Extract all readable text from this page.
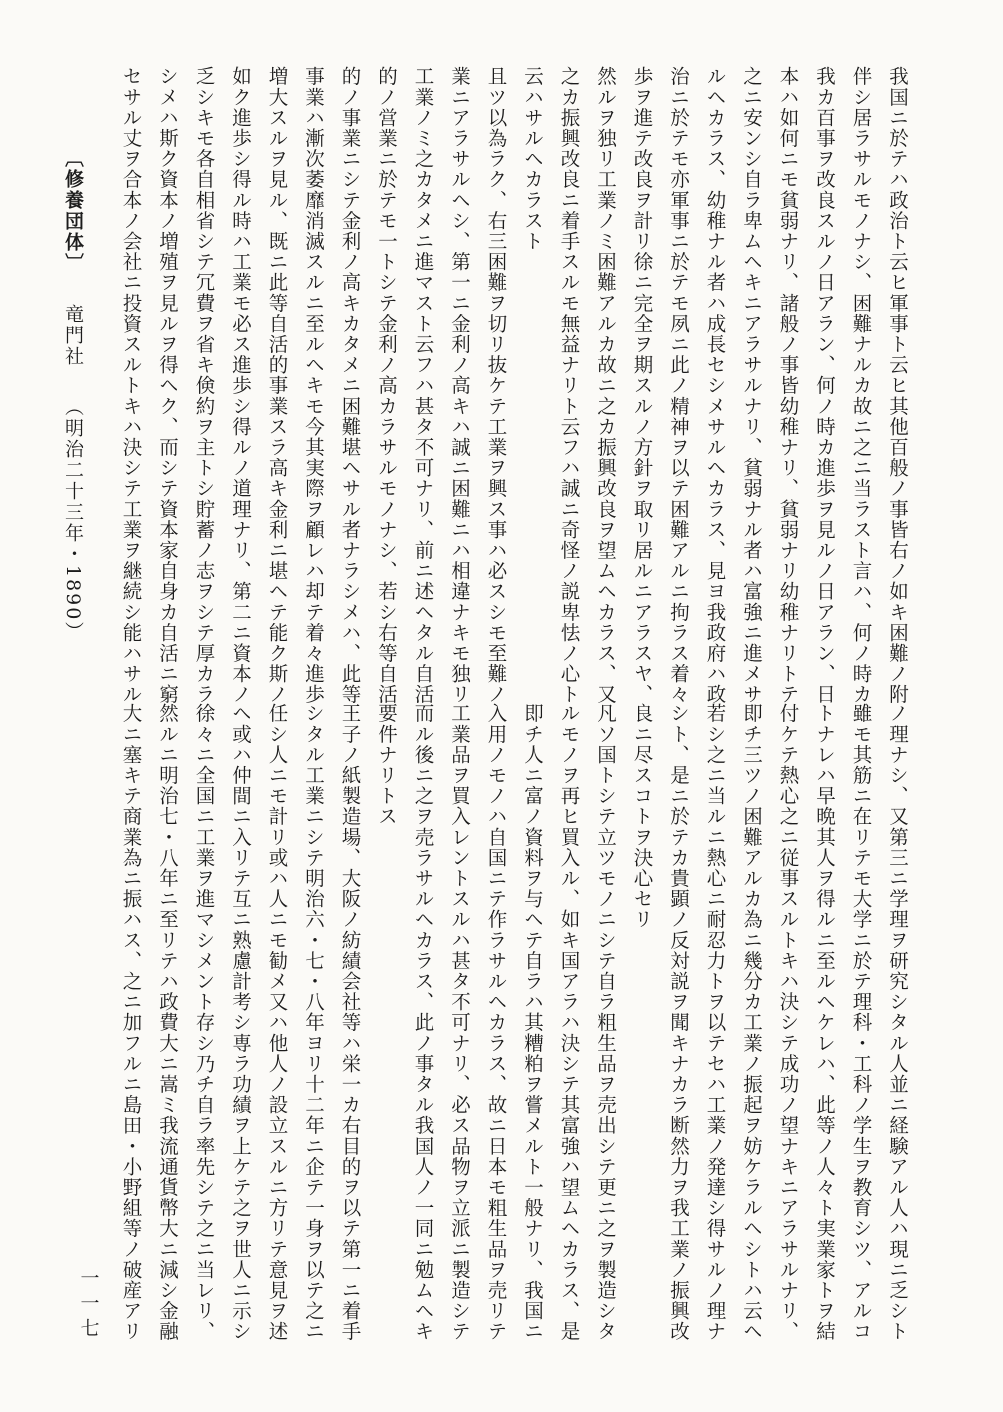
我国ニ於テハ政治ト云ヒ軍事ト云ヒ其他百般ノ事皆右ノ如キ困難ノ附

伴シ居ラサルモノナシ、困難ナルカ故ニ之ニ当ラスト言ハ、何ノ時カ

我カ百事ヲ改良スルノ日アラン、何ノ時カ進歩ヲ見ルノ日アラン、日

本ハ如何ニモ貧弱ナリ、諸般ノ事皆幼稚ナリ、貧弱ナリ幼稚ナリトテ

之ニ安ンシ自ラ卑ムヘキニアラサルナリ、貧弱ナル者ハ富強ニ進メサ

ルヘカラス、幼稚ナル者ハ成長セシメサルヘカラス、見ヨ我政府ハ政

治ニ於テモ亦軍事ニ於テモ夙ニ此ノ精神ヲ以テ困難アルニ拘ラス着々

歩ヲ進テ改良ヲ計リ徐ニ完全ヲ期スルノ方針ヲ取リ居ルニアラスヤ、

然ルヲ独リ工業ノミ困難アルカ故ニ之カ振興改良ヲ望ムヘカラス、又

之カ振興改良ニ着手スルモ無益ナリト云フハ誠ニ奇怪ノ説卑怯ノ心ト

云ハサルヘカラスト

且ツ以為ラク、右三困難ヲ切リ抜ケテ工業ヲ興ス事ハ必スシモ至難ノ

業ニアラサルヘシ、第一ニ金利ノ高キハ誠ニ困難ニハ相違ナキモ独リ

工業ノミ之カタメニ進マスト云フハ甚タ不可ナリ、前ニ述ヘタル自活

的ノ営業ニ於テモ一トシテ金利ノ高カラサルモノナシ、若シ右等自活

的ノ事業ニシテ金利ノ高キカタメニ困難堪ヘサル者ナラシメハ、此等

事業ハ漸次萎靡消滅スルニ至ルヘキモ今其実際ヲ顧レハ却テ着々進歩

増大スルヲ見ル、既ニ此等自活的事業スラ高キ金利ニ堪ヘテ能ク斯ノ

如ク進歩シ得ル時ハ工業モ必ス進歩シ得ルノ道理ナリ、第二ニ資本ノ

乏シキモ各自相省シテ冗費ヲ省キ倹約ヲ主トシ貯蓄ノ志ヲシテ厚カラ

シメハ斯ク資本ノ増殖ヲ見ルヲ得ヘク、而シテ資本家自身カ自活ニ窮

セサル丈ヲ合本ノ会社ニ投資スルトキハ決シテ工業ヲ継続シ能ハサル

ノ理ナシ、又第三ニ学理ヲ研究シタル人並ニ経験アル人ハ現ニ乏シト

雖モ其筋ニ在リテモ大学ニ於テ理科・工科ノ学生ヲ教育シツ、アルコ

トナレハ早晩其人ヲ得ルニ至ルヘケレハ、此等ノ人々ト実業家トヲ結

付ケテ熱心之ニ従事スルトキハ決シテ成功ノ望ナキニアラサルナリ、

即チ三ツノ困難アルカ為ニ幾分カ工業ノ振起ヲ妨ケラルヘシトハ云ヘ

若シ之ニ当ルニ熱心ニ耐忍力トヲ以テセハ工業ノ発達シ得サルノ理ナ

シト、是ニ於テカ貴顕ノ反対説ヲ聞キナカラ断然力ヲ我工業ノ振興改

良ニ尽スコトヲ決心セリ

凡ソ国トシテ立ツモノニシテ自ラ粗生品ヲ売出シテ更ニ之ヲ製造シタ

ルモノヲ再ヒ買入ル、如キ国アラハ決シテ其富強ハ望ムヘカラス、是

即チ人ニ富ノ資料ヲ与ヘテ自ラハ其糟粕ヲ嘗メルト一般ナリ、我国ニ

入用ノモノハ自国ニテ作ラサルヘカラス、故ニ日本モ粗生品ヲ売リテ

工業品ヲ買入レントスルハ甚タ不可ナリ、必ス品物ヲ立派ニ製造シテ

而ル後ニ之ヲ売ラサルヘカラス、此ノ事タル我国人ノ一同ニ勉ムヘキ

要件ナリトス

王子ノ紙製造場、大阪ノ紡績会社等ハ栄一カ右目的ヲ以テ第一ニ着手

シタル工業ニシテ明治六・七・八年ヨリ十二年ニ企テ一身ヲ以テ之ニ

任シ人ニモ計リ或ハ人ニモ勧メ又ハ他人ノ設立スルニ方リテ意見ヲ述

ヘ或ハ仲間ニ入リテ互ニ熟慮計考シ専ラ功績ヲ上ケテ之ヲ世人ニ示シ

徐々ニ全国ニ工業ヲ進マシメント存シ乃チ自ラ率先シテ之ニ当レリ、

然ルニ明治七・八年ニ至リテハ政費大ニ嵩ミ我流通貨幣大ニ減シ金融

大ニ塞キテ商業為ニ振ハス、之ニ加フルニ島田・小野組等ノ破産アリ

〔修養団体〕 竜門社 （明治二十三年・1890）
一一七
